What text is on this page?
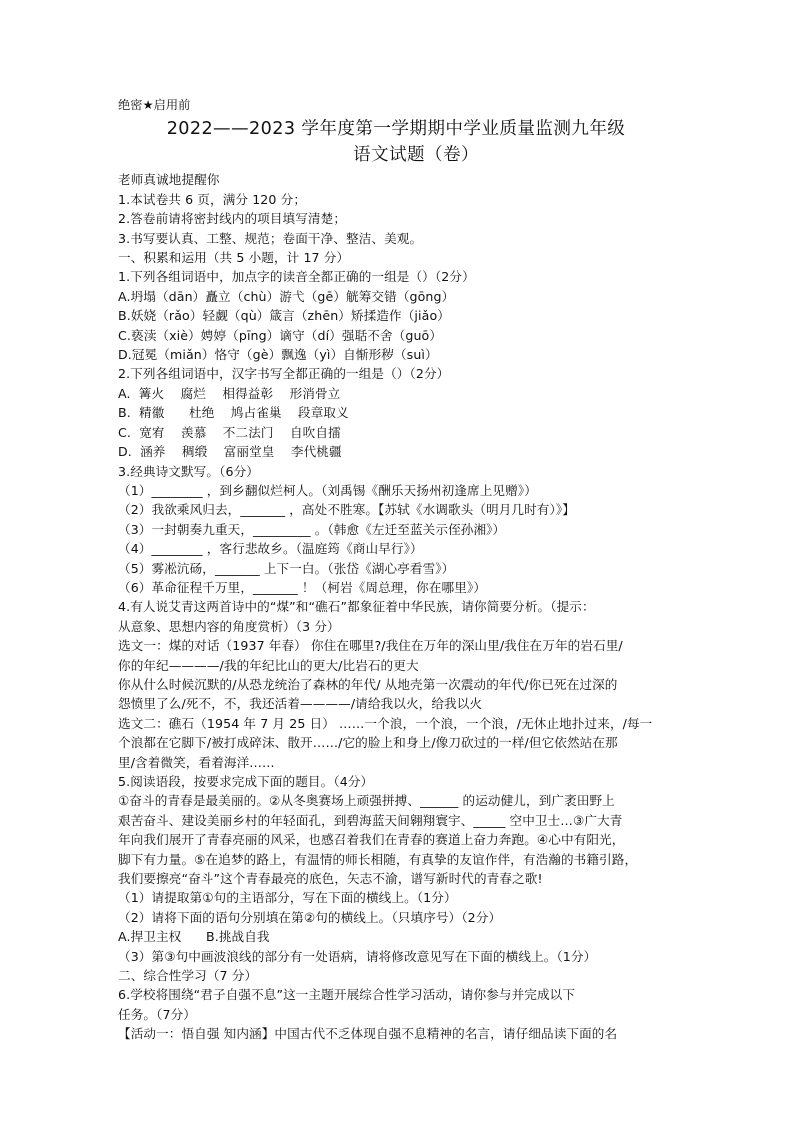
绝密★启用前
2022——2023 学年度第一学期期中学业质量监测九年级
语文试题（卷）
老师真诚地提醒你
1.本试卷共 6 页，满分 120 分；
2.答卷前请将密封线内的项目填写清楚；
3.书写要认真、工整、规范；卷面干净、整洁、美观。
一、积累和运用（共 5 小题，计 17 分）
1.下列各组词语中，加点字的读音全都正确的一组是（）（2分）
A.坍塌（dān）矗立（chù）游弋（gē）觥筹交错（gōng）
B.妖娆（rǎo）轻觑（qù）箴言（zhēn）矫揉造作（jiǎo）
C.亵渎（xiè）娉婷（pīng）谪守（dí）强聒不舍（guō）
D.冠冕（miǎn）恪守（gè）飘逸（yì）自惭形秽（suì）
2.下列各组词语中，汉字书写全都正确的一组是（）（2分）
A.  篝火    腐烂    相得益彰    形消骨立
B.  精徽      杜绝    鸠占雀巢    段章取义
C.  宽宥    羡慕    不二法门    自吹自擂
D.  涵养    稠缎    富丽堂皇    李代桃疆
3.经典诗文默写。（6分）
（1）________ ，到乡翻似烂柯人。（刘禹锡《酬乐天扬州初逢席上见赠》）
（2）我欲乘风归去，_______ ，高处不胜寒。【苏轼《水调歌头（明月几时有）》】
（3）一封朝奏九重天，_________ 。（韩愈《左迁至蓝关示侄孙湘》）
（4）________ ，客行悲故乡。（温庭筠《商山早行》）
（5）雾凇沆砀，_______ 上下一白。（张岱《湖心亭看雪》）
（6）革命征程千万里，_______ ！（柯岩《周总理，你在哪里》）
4.有人说艾青这两首诗中的“煤”和“礁石”都象征着中华民族，请你简要分析。（提示：
从意象、思想内容的角度赏析）（3 分）
选文一：煤的对话（1937 年春） 你住在哪里?/我住在万年的深山里/我住在万年的岩石里/
你的年纪————/我的年纪比山的更大/比岩石的更大
你从什么时候沉默的/从恐龙统治了森林的年代/ 从地壳第一次震动的年代/你已死在过深的
怨愤里了么/死不，不，我还活着————/请给我以火，给我以火
选文二：礁石（1954 年 7 月 25 日） ……一个浪，一个浪，一个浪，/无休止地扑过来，/每一
个浪都在它脚下/被打成碎沫、散开……/它的脸上和身上/像刀砍过的一样/但它依然站在那
里/含着微笑，看着海洋……
5.阅读语段，按要求完成下面的题目。（4分）
①奋斗的青春是最美丽的。②从冬奥赛场上顽强拼搏、______ 的运动健儿，到广袤田野上
艰苦奋斗、建设美丽乡村的年轻面孔，到碧海蓝天间翱翔寰宇、_____ 空中卫士…③广大青
年向我们展开了青春亮丽的风采，也感召着我们在青春的赛道上奋力奔跑。④心中有阳光，
脚下有力量。⑤在追梦的路上，有温情的师长相随，有真挚的友谊作伴，有浩瀚的书籍引路，
我们要擦亮“奋斗”这个青春最亮的底色，矢志不渝，谱写新时代的青春之歌!
（1）请提取第①句的主语部分，写在下面的横线上。（1分）
（2）请将下面的语句分别填在第②句的横线上。（只填序号）（2分）
A.捍卫主权      B.挑战自我
（3）第③句中画波浪线的部分有一处语病，请将修改意见写在下面的横线上。（1分）
二、综合性学习（7 分）
6.学校将围绕“君子自强不息”这一主题开展综合性学习活动，请你参与并完成以下
任务。（7分）
【活动一：悟自强 知内涵】中国古代不乏体现自强不息精神的名言，请仔细品读下面的名
